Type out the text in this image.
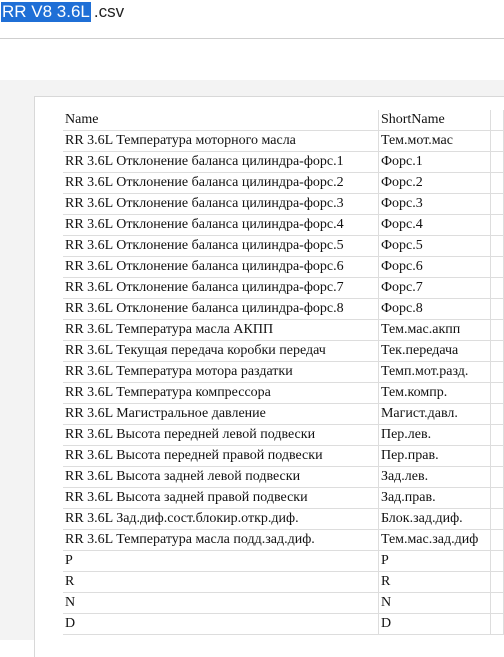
RR V8 3.6L .csv
Name	ShortName	
RR 3.6L Температура моторного масла	Тем.мот.мас	
RR 3.6L Отклонение баланса цилиндра-форс.1	Форс.1	
RR 3.6L Отклонение баланса цилиндра-форс.2	Форс.2	
RR 3.6L Отклонение баланса цилиндра-форс.3	Форс.3	
RR 3.6L Отклонение баланса цилиндра-форс.4	Форс.4	
RR 3.6L Отклонение баланса цилиндра-форс.5	Форс.5	
RR 3.6L Отклонение баланса цилиндра-форс.6	Форс.6	
RR 3.6L Отклонение баланса цилиндра-форс.7	Форс.7	
RR 3.6L Отклонение баланса цилиндра-форс.8	Форс.8	
RR 3.6L Температура масла АКПП	Тем.мас.акпп	
RR 3.6L Текущая передача коробки передач	Тек.передача	
RR 3.6L Температура мотора раздатки	Темп.мот.разд.	
RR 3.6L Температура компрессора	Тем.компр.	
RR 3.6L Магистральное давление	Магист.давл.	
RR 3.6L Высота передней левой подвески	Пер.лев.	
RR 3.6L Высота передней правой подвески	Пер.прав.	
RR 3.6L Высота задней левой подвески	Зад.лев.	
RR 3.6L Высота задней правой подвески	Зад.прав.	
RR 3.6L Зад.диф.сост.блокир.откр.диф.	Блок.зад.диф.	
RR 3.6L Температура масла подд.зад.диф.	Тем.мас.зад.диф	
P	P	
R	R	
N	N	
D	D	
